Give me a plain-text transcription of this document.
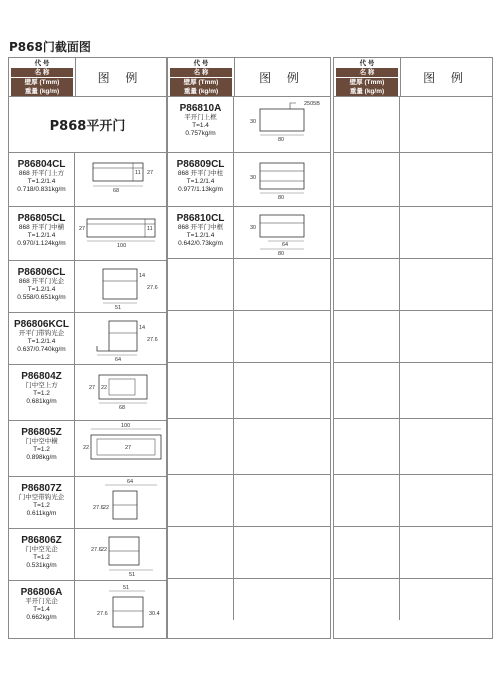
P868门截面图
代 号
名 称
壁厚 (Tmm)
重量 (kg/m)
图 例
P868平开门
P86804CL
868 开平门上方
T=1.2/1.4
0.718/0.831kg/m	68
27
11
P86805CL
868 开平门中横
T=1.2/1.4
0.970/1.124kg/m	100
27	11
P86806CL
868 开平门光企
T=1.2/1.4
0.558/0.651kg/m
51
14
27.6
P86806KCL
开平门带钩光企
T=1.2/1.4
0.637/0.740kg/m
64
14
27.6
P86804Z
门中空上方
T=1.2
0.681kg/m
68
27 22
P86805Z
门中空中横
T=1.2
0.898kg/m
100
22	27
P86807Z
门中空带钩光企
T=1.2
0.611kg/m
64
27.6 22
P86806Z
门中空光企
T=1.2
0.531kg/m
51
27.6 22
P86806A
平开门光企
T=1.4
0.662kg/m
51
27.6	30.4
代 号
名 称
壁厚 (Tmm)
重量 (kg/m)
图 例
P86810A
平开门上框
T=1.4
0.757kg/m
2505B
80
30
P86809CL
868 开平门中柱
T=1.2/1.4
0.977/1.13kg/m
80
30
P86810CL
868 开平门中框
T=1.2/1.4
0.642/0.73kg/m	64
80
30
代 号
名 称
壁厚 (Tmm)
重量 (kg/m)
图 例
